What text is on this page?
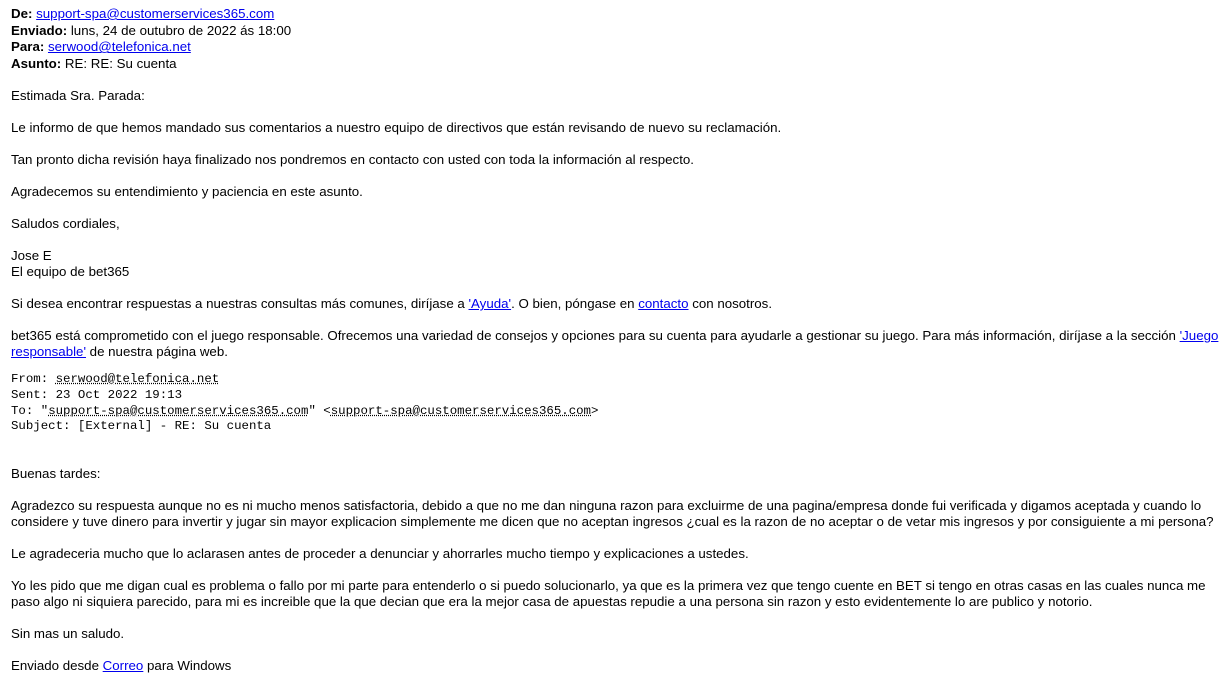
De: support-spa@customerservices365.com
Enviado: luns, 24 de outubro de 2022 ás 18:00
Para: serwood@telefonica.net
Asunto: RE: RE: Su cuenta

Estimada Sra. Parada:

Le informo de que hemos mandado sus comentarios a nuestro equipo de directivos que están revisando de nuevo su reclamación.

Tan pronto dicha revisión haya finalizado nos pondremos en contacto con usted con toda la información al respecto.

Agradecemos su entendimiento y paciencia en este asunto.

Saludos cordiales,

Jose E

El equipo de bet365

Si desea encontrar respuestas a nuestras consultas más comunes, diríjase a 'Ayuda'. O bien, póngase en contacto con nosotros.

bet365 está comprometido con el juego responsable. Ofrecemos una variedad de consejos y opciones para su cuenta para ayudarle a gestionar su juego. Para más información, diríjase a la sección 'Juego responsable' de nuestra página web.

From: serwood@telefonica.net
Sent: 23 Oct 2022 19:13
To: "support-spa@customerservices365.com" <support-spa@customerservices365.com>
Subject: [External] - RE: Su cuenta

Buenas tardes:

Agradezco su respuesta aunque no es ni mucho menos satisfactoria, debido a que no me dan ninguna razon para excluirme de una pagina/empresa donde fui verificada y digamos aceptada y cuando lo considere y tuve dinero para invertir y jugar sin mayor explicacion simplemente me dicen que no aceptan ingresos ¿cual es la razon de no aceptar o de vetar mis ingresos y por consiguiente a mi persona?

Le agradeceria mucho que lo aclarasen antes de proceder a denunciar y ahorrarles mucho tiempo y explicaciones a ustedes.

Yo les pido que me digan cual es problema o fallo por mi parte para entenderlo o si puedo solucionarlo, ya que es la primera vez que tengo cuente en BET si tengo en otras casas en las cuales nunca me paso algo ni siquiera parecido, para mi es increible que la que decian que era la mejor casa de apuestas repudie a una persona sin razon y esto evidentemente lo are publico y notorio.

Sin mas un saludo.

Enviado desde Correo para Windows
